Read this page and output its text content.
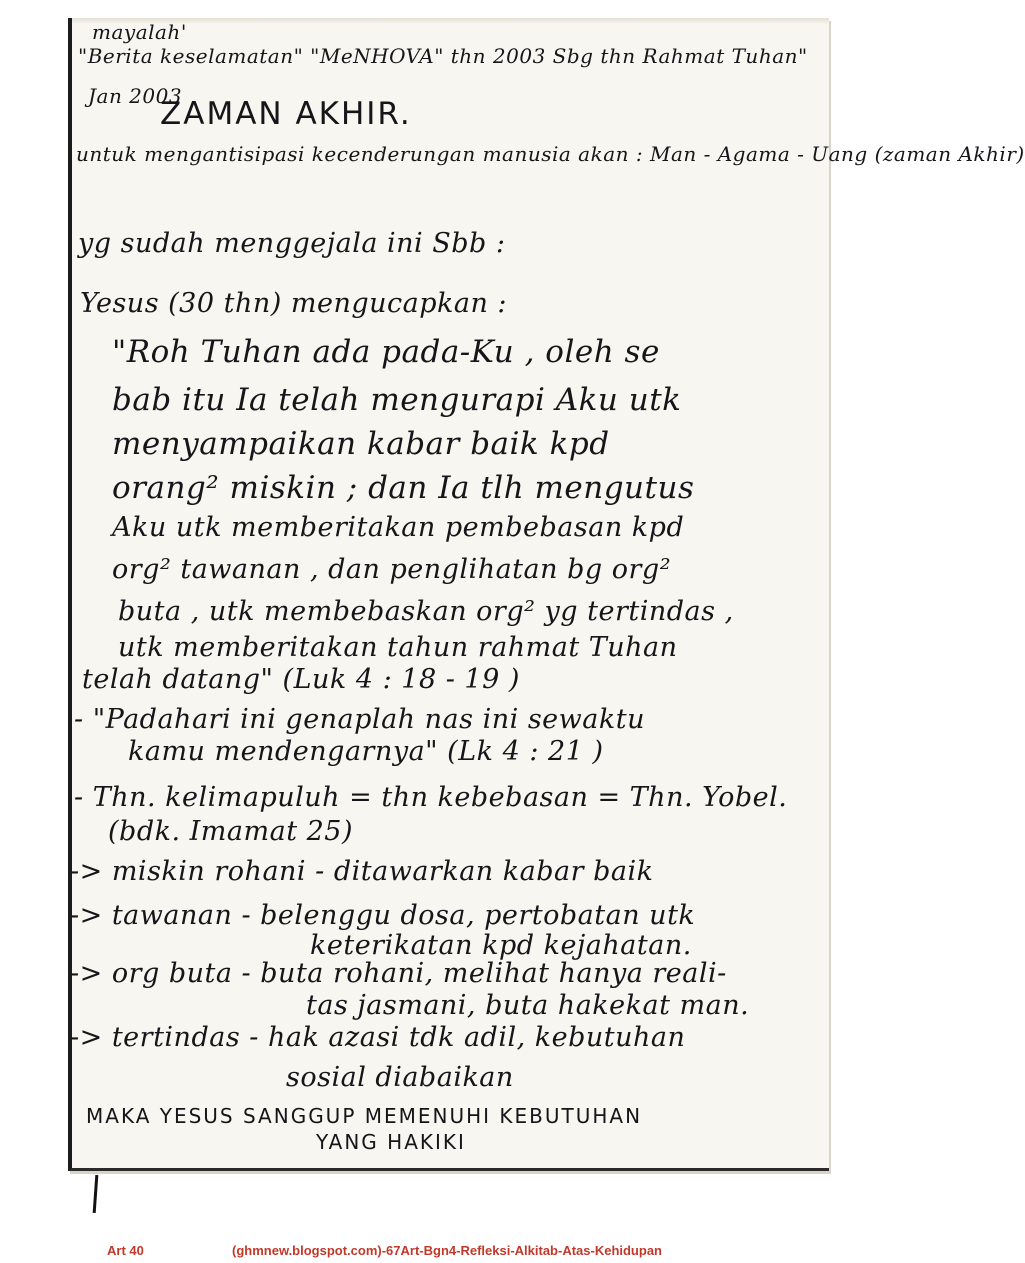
mayalah'
"Berita keselamatan" "MeNHOVA" thn 2003 Sbg thn Rahmat Tuhan"
Jan 2003
ZAMAN AKHIR.
untuk mengantisipasi kecenderungan manusia akan : Man - Agama - Uang (zaman Akhir)
yg sudah menggejala ini Sbb :
Yesus (30 thn) mengucapkan :
"Roh Tuhan ada pada-Ku , oleh se
bab itu Ia telah mengurapi Aku utk
menyampaikan kabar baik kpd
orang² miskin ; dan Ia tlh mengutus
Aku utk memberitakan pembebasan kpd
org² tawanan , dan penglihatan bg org²
buta , utk membebaskan org² yg tertindas ,
utk memberitakan tahun rahmat Tuhan
telah datang" (Luk 4 : 18 - 19 )
- "Padahari ini genaplah nas ini sewaktu
kamu mendengarnya" (Lk 4 : 21 )
- Thn. kelimapuluh = thn kebebasan = Thn. Yobel.
(bdk. Imamat 25)
-> miskin rohani - ditawarkan kabar baik
-> tawanan - belenggu dosa, pertobatan utk
keterikatan kpd kejahatan.
-> org buta - buta rohani, melihat hanya reali-
tas jasmani, buta hakekat man.
-> tertindas - hak azasi tdk adil, kebutuhan
sosial diabaikan
MAKA YESUS SANGGUP MEMENUHI KEBUTUHAN
YANG HAKIKI
Art 40	(ghmnew.blogspot.com)-67Art-Bgn4-Refleksi-Alkitab-Atas-Kehidupan
